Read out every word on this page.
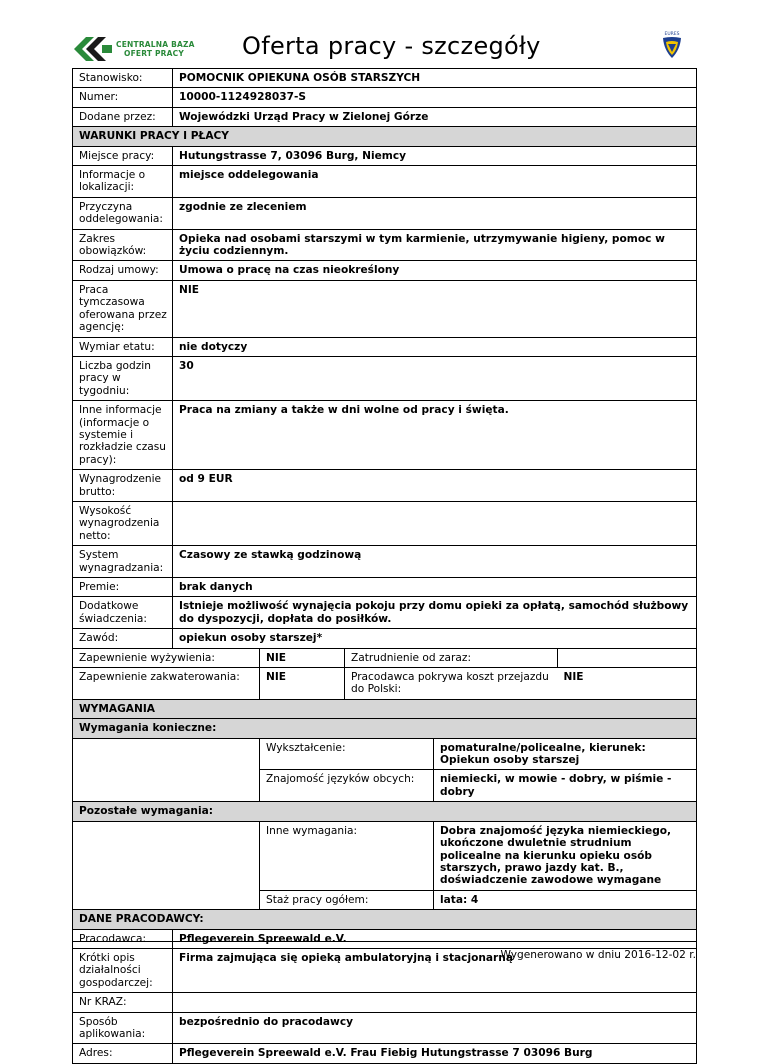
CENTRALNA BAZA
OFERT PRACY	Oferta pracy - szczegóły	EURES
Stanowisko:	POMOCNIK OPIEKUNA OSÓB STARSZYCH				
Numer:	10000-1124928037-S				
Dodane przez:	Wojewódzki Urząd Pracy w Zielonej Górze				
WARUNKI PRACY I PŁACY					
Miejsce pracy:	Hutungstrasse 7, 03096 Burg, Niemcy				
Informacje o lokalizacji:	miejsce oddelegowania				
Przyczyna oddelegowania:	zgodnie ze zleceniem				
Zakres obowiązków:	Opieka nad osobami starszymi w tym karmienie, utrzymywanie higieny, pomoc w życiu codziennym.				
Rodzaj umowy:	Umowa o pracę na czas nieokreślony				
Praca tymczasowa oferowana przez agencję:	NIE				
Wymiar etatu:	nie dotyczy				
Liczba godzin pracy w tygodniu:	30				
Inne informacje (informacje o systemie i rozkładzie czasu pracy):	Praca na zmiany a także w dni wolne od pracy i święta.				
Wynagrodzenie brutto:	od 9 EUR				
Wysokość wynagrodzenia netto:					
System wynagradzania:	Czasowy ze stawką godzinową				
Premie:	brak danych				
Dodatkowe świadczenia:	Istnieje możliwość wynajęcia pokoju przy domu opieki za opłatą, samochód służbowy do dyspozycji, dopłata do posiłków.				
Zawód:	opiekun osoby starszej*				
Zapewnienie wyżywienia:		NIE	Zatrudnienie od zaraz:		
Zapewnienie zakwaterowania:		NIE	Pracodawca pokrywa koszt przejazdu do Polski:		NIE
WYMAGANIA					
Wymagania konieczne:					
		Wykształcenie:		pomaturalne/policealne, kierunek: Opiekun osoby starszej	
		Znajomość języków obcych:		niemiecki, w mowie - dobry, w piśmie - dobry	
Pozostałe wymagania:					
		Inne wymagania:		Dobra znajomość języka niemieckiego, ukończone dwuletnie strudnium policealne na kierunku opieku osób starszych, prawo jazdy kat. B., doświadczenie zawodowe wymagane	
		Staż pracy ogółem:		lata: 4	
DANE PRACODAWCY:					
Pracodawca:	Pflegeverein Spreewald e.V.				
Krótki opis działalności gospodarczej:	Firma zajmująca się opieką ambulatoryjną i stacjonarną				
Nr KRAZ:					
Sposób aplikowania:	bezpośrednio do pracodawcy				
Adres:	Pflegeverein Spreewald e.V. Frau Fiebig Hutungstrasse 7 03096 Burg				
Wygenerowano w dniu 2016-12-02 r.
